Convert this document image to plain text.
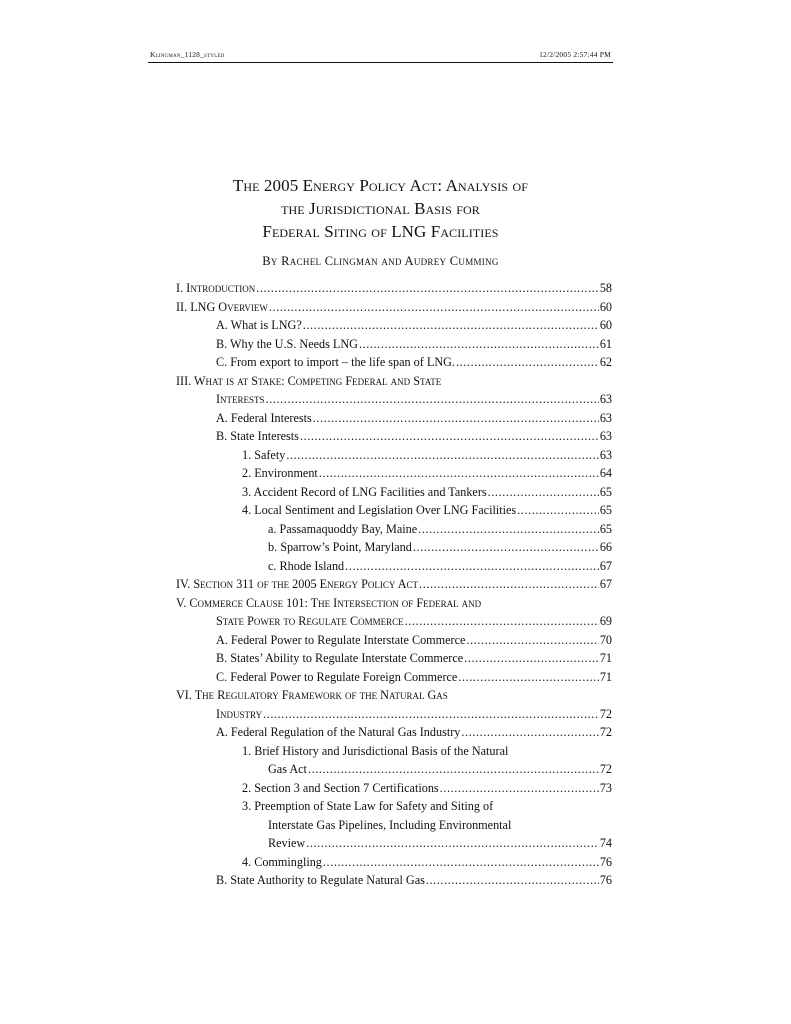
Klingman_1128_styled	12/2/2005 2:57:44 PM
The 2005 Energy Policy Act: Analysis of
the Jurisdictional Basis for
Federal Siting of LNG Facilities
By Rachel Clingman and Audrey Cumming
I. Introduction .....	58
II. LNG Overview .....	60
A. What is LNG? .....	60
B. Why the U.S. Needs LNG .....	61
C. From export to import – the life span of LNG. .....	62
III. What is at Stake: Competing Federal and State
Interests .....	63
A. Federal Interests .....	63
B. State Interests .....	63
1. Safety .....	63
2. Environment .....	64
3. Accident Record of LNG Facilities and Tankers .....	65
4. Local Sentiment and Legislation Over LNG Facilities .....	65
a. Passamaquoddy Bay, Maine .....	65
b. Sparrow’s Point, Maryland .....	66
c. Rhode Island .....	67
IV. Section 311 of the 2005 Energy Policy Act .....	67
V. Commerce Clause 101: The Intersection of Federal and
State Power to Regulate Commerce .....	69
A. Federal Power to Regulate Interstate Commerce .....	70
B. States’ Ability to Regulate Interstate Commerce .....	71
C. Federal Power to Regulate Foreign Commerce .....	71
VI. The Regulatory Framework of the Natural Gas
Industry .....	72
A. Federal Regulation of the Natural Gas Industry .....	72
1. Brief History and Jurisdictional Basis of the Natural
Gas Act .....	72
2. Section 3 and Section 7 Certifications .....	73
3. Preemption of State Law for Safety and Siting of
Interstate Gas Pipelines, Including Environmental
Review .....	74
4. Commingling .....	76
B. State Authority to Regulate Natural Gas .....	76
